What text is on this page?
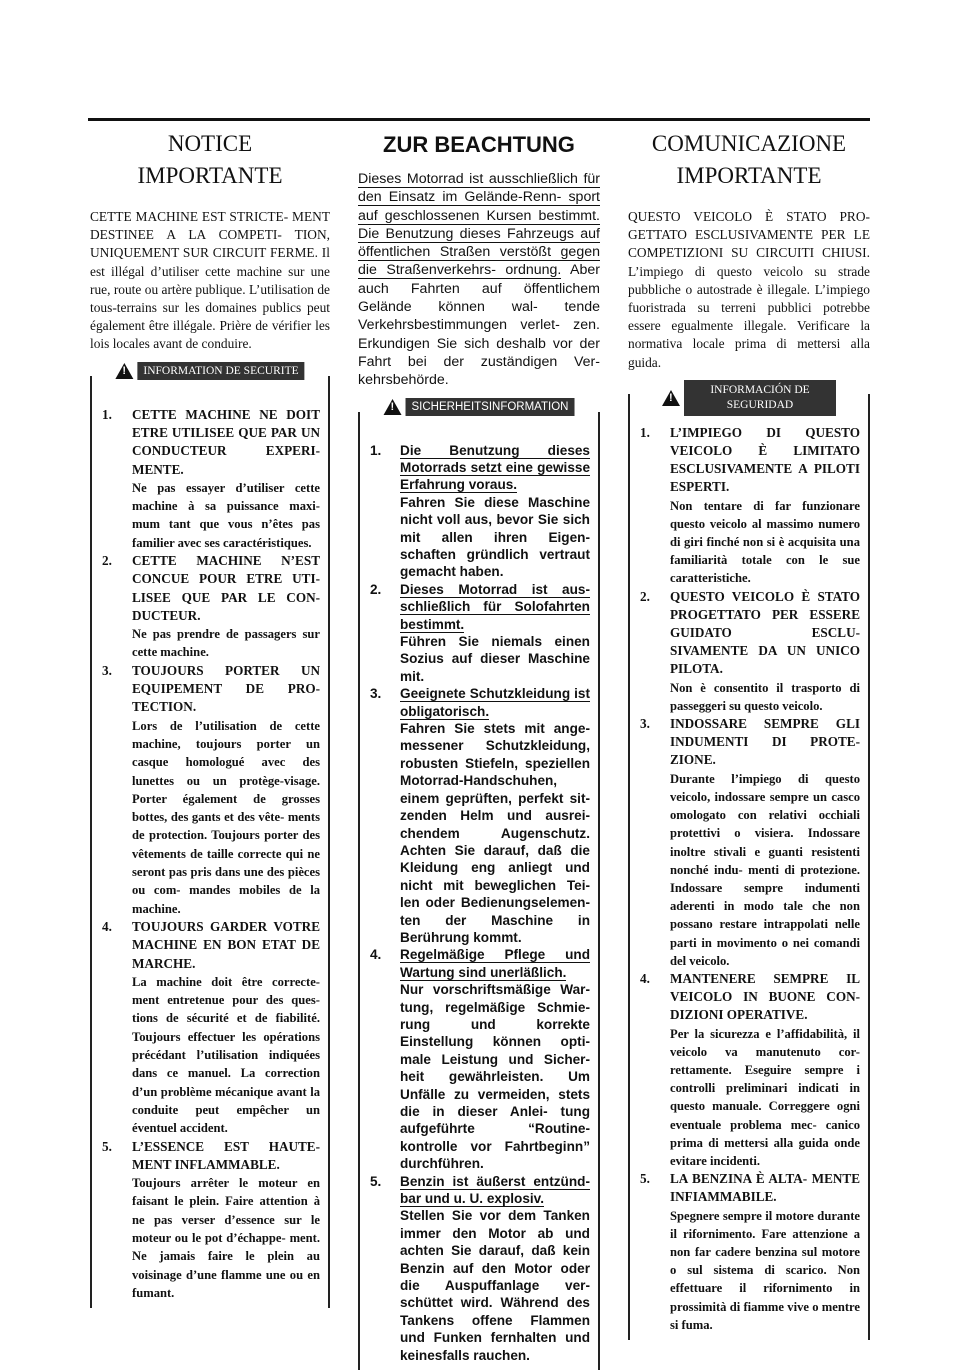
NOTICE
IMPORTANTE

CETTE MACHINE EST STRICTE- MENT DESTINEE A LA COMPETI- TION, UNIQUEMENT SUR CIRCUIT FERME. Il est illégal d’utiliser cette machine sur une rue, route ou artère publique. L’utilisation de tous-terrains sur les domaines publics peut également être illégale. Prière de vérifier les lois locales avant de conduire.

!
INFORMATION DE SECURITE
1. CETTE MACHINE NE DOIT ETRE UTILISEE QUE PAR UN CONDUCTEUR EXPERI- MENTE.
Ne pas essayer d’utiliser cette machine à sa puissance maxi- mum tant que vous n’êtes pas familier avec ses caractéristiques.
2. CETTE MACHINE N’EST CONCUE POUR ETRE UTI- LISEE QUE PAR LE CON- DUCTEUR.
Ne pas prendre de passagers sur cette machine.
3. TOUJOURS PORTER UN EQUIPEMENT DE PRO- TECTION.
Lors de l’utilisation de cette machine, toujours porter un casque homologué avec des lunettes ou un protège-visage. Porter également de grosses bottes, des gants et des vête- ments de protection. Toujours porter des vêtements de taille correcte qui ne seront pas pris dans une des pièces ou com- mandes mobiles de la machine.
4. TOUJOURS GARDER VOTRE MACHINE EN BON ETAT DE MARCHE.
La machine doit être correcte- ment entretenue pour des ques- tions de sécurité et de fiabilité. Toujours effectuer les opérations précédant l’utilisation indiquées dans ce manuel. La correction d’un problème mécanique avant la conduite peut empêcher un éventuel accident.
5. L’ESSENCE EST HAUTE- MENT INFLAMMABLE.
Toujours arrêter le moteur en faisant le plein. Faire attention à ne pas verser d’essence sur le moteur ou le pot d’échappe- ment. Ne jamais faire le plein au voisinage d’une flamme une ou en fumant.
ZUR BEACHTUNG

Dieses Motorrad ist ausschließlich für den Einsatz im Gelände-Renn- sport auf geschlossenen Kursen bestimmt. Die Benutzung dieses Fahrzeugs auf öffentlichen Straßen verstößt gegen die Straßenverkehrs- ordnung. Aber auch Fahrten auf öffentlichem Gelände können wal- tende Verkehrsbestimmungen verlet- zen. Erkundigen Sie sich deshalb vor der Fahrt bei der zuständigen Ver- kehrsbehörde.

!
SICHERHEITSINFORMATION
1. Die Benutzung dieses Motorrads setzt eine gewisse Erfahrung voraus.
Fahren Sie diese Maschine nicht voll aus, bevor Sie sich mit allen ihren Eigen- schaften gründlich vertraut gemacht haben.
2. Dieses Motorrad ist aus- schließlich für Solofahrten bestimmt.
Führen Sie niemals einen Sozius auf dieser Maschine mit.
3. Geeignete Schutzkleidung ist obligatorisch.
Fahren Sie stets mit ange- messener Schutzkleidung, robusten Stiefeln, speziellen Motorrad-Handschuhen, einem geprüften, perfekt sit- zenden Helm und ausrei- chendem Augenschutz. Achten Sie darauf, daß die Kleidung eng anliegt und nicht mit beweglichen Tei- len oder Bedienungselemen- ten der Maschine in Berührung kommt.
4. Regelmäßige Pflege und Wartung sind unerläßlich.
Nur vorschriftsmäßige War- tung, regelmäßige Schmie- rung und korrekte Einstellung können opti- male Leistung und Sicher- heit gewährleisten. Um Unfälle zu vermeiden, stets die in dieser Anlei- tung aufgeführte “Routine- kontrolle vor Fahrtbeginn” durchführen.
5. Benzin ist äußerst entzünd- bar und u. U. explosiv.
Stellen Sie vor dem Tanken immer den Motor ab und achten Sie darauf, daß kein Benzin auf den Motor oder die Auspuffanlage ver- schüttet wird. Während des Tankens offene Flammen und Funken fernhalten und keinesfalls rauchen.
COMUNICAZIONE
IMPORTANTE

QUESTO VEICOLO È STATO PRO- GETTATO ESCLUSIVAMENTE PER LE COMPETIZIONI SU CIRCUITI CHIUSI. L’impiego di questo veicolo su strade pubbliche o autostrade è illegale. L’impiego fuoristrada su terreni pubblici potrebbe essere egualmente illegale. Verificare la normativa locale prima di mettersi alla guida.

!
INFORMACIÓN DE SEGURIDAD
1. L’IMPIEGO DI QUESTO VEICOLO È LIMITATO ESCLUSIVAMENTE A PILOTI ESPERTI.
Non tentare di far funzionare questo veicolo al massimo numero di giri finché non si è acquisita una familiarità totale con le sue caratteristiche.
2. QUESTO VEICOLO È STATO PROGETTATO PER ESSERE GUIDATO ESCLU- SIVAMENTE DA UN UNICO PILOTA.
Non è consentito il trasporto di passeggeri su questo veicolo.
3. INDOSSARE SEMPRE GLI INDUMENTI DI PROTE- ZIONE.
Durante l’impiego di questo veicolo, indossare sempre un casco omologato con relativi occhiali protettivi o visiera. Indossare inoltre stivali e guanti resistenti nonché indu- menti di protezione. Indossare sempre indumenti aderenti in modo tale che non possano restare intrappolati nelle parti in movimento o nei comandi del veicolo.
4. MANTENERE SEMPRE IL VEICOLO IN BUONE CON- DIZIONI OPERATIVE.
Per la sicurezza e l’affidabilità, il veicolo va manutenuto cor- rettamente. Eseguire sempre i controlli preliminari indicati in questo manuale. Correggere ogni eventuale problema mec- canico prima di mettersi alla guida onde evitare incidenti.
5. LA BENZINA È ALTA- MENTE INFIAMMABILE.
Spegnere sempre il motore durante il rifornimento. Fare attenzione a non far cadere benzina sul motore o sul sistema di scarico. Non effettuare il rifornimento in prossimità di fiamme vive o mentre si fuma.
